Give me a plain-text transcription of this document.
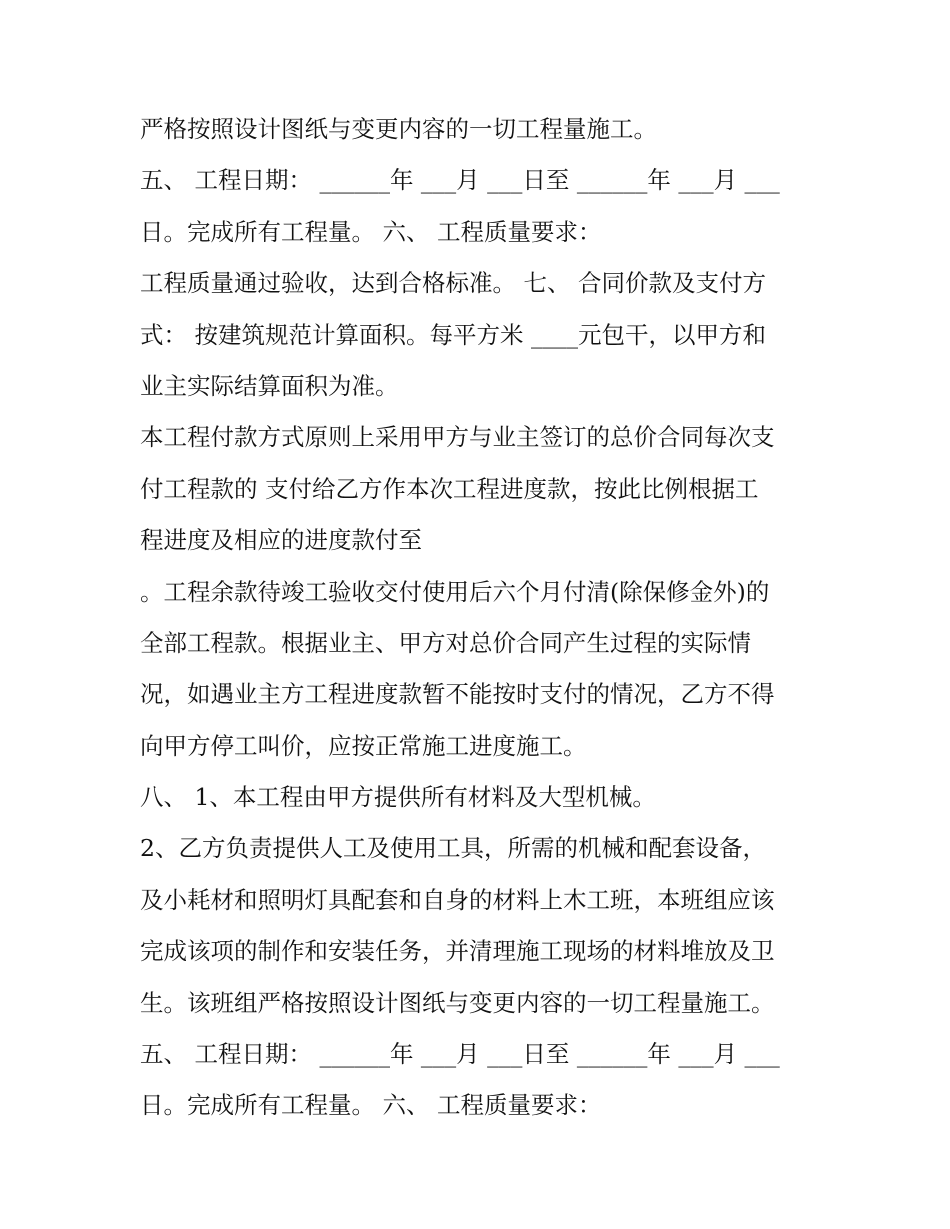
严格按照设计图纸与变更内容的一切工程量施工。
五、 工程日期： ______年 ___月 ___日至 ______年 ___月 ___
日。完成所有工程量。 六、 工程质量要求：
工程质量通过验收，达到合格标准。 七、 合同价款及支付方
式： 按建筑规范计算面积。每平方米 ____元包干，以甲方和
业主实际结算面积为准。
本工程付款方式原则上采用甲方与业主签订的总价合同每次支
付工程款的 支付给乙方作本次工程进度款，按此比例根据工
程进度及相应的进度款付至
。工程余款待竣工验收交付使用后六个月付清(除保修金外)的
全部工程款。根据业主、甲方对总价合同产生过程的实际情
况，如遇业主方工程进度款暂不能按时支付的情况，乙方不得
向甲方停工叫价，应按正常施工进度施工。
八、 1、本工程由甲方提供所有材料及大型机械。
2、乙方负责提供人工及使用工具，所需的机械和配套设备，
及小耗材和照明灯具配套和自身的材料上木工班，本班组应该
完成该项的制作和安装任务，并清理施工现场的材料堆放及卫
生。该班组严格按照设计图纸与变更内容的一切工程量施工。
五、 工程日期： ______年 ___月 ___日至 ______年 ___月 ___
日。完成所有工程量。 六、 工程质量要求：
